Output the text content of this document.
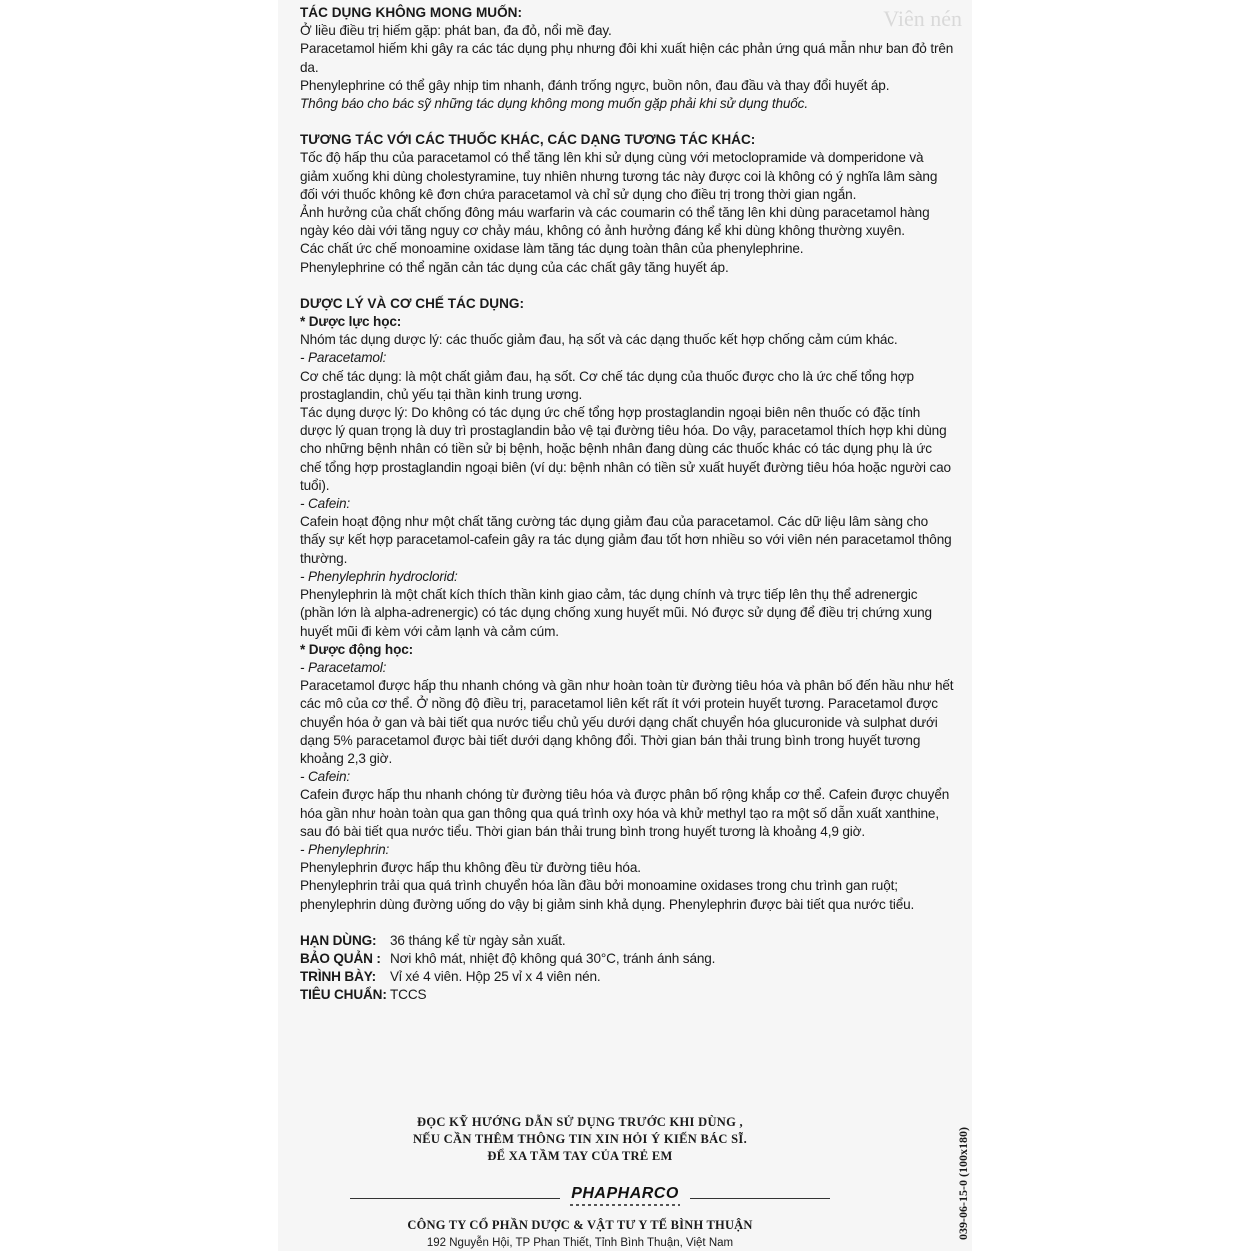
Viên nén

TÁC DỤNG KHÔNG MONG MUỐN:

Ở liều điều trị hiếm gặp: phát ban, đa đỏ, nổi mề đay.

Paracetamol hiếm khi gây ra các tác dụng phụ nhưng đôi khi xuất hiện các phản ứng quá mẫn như ban đỏ trên da.

Phenylephrine có thể gây nhịp tim nhanh, đánh trống ngực, buồn nôn, đau đầu và thay đổi huyết áp.

Thông báo cho bác sỹ những tác dụng không mong muốn gặp phải khi sử dụng thuốc.

TƯƠNG TÁC VỚI CÁC THUỐC KHÁC, CÁC DẠNG TƯƠNG TÁC KHÁC:

Tốc độ hấp thu của paracetamol có thể tăng lên khi sử dụng cùng với metoclopramide và domperidone và giảm xuống khi dùng cholestyramine, tuy nhiên nhưng tương tác này được coi là không có ý nghĩa lâm sàng đối với thuốc không kê đơn chứa paracetamol và chỉ sử dụng cho điều trị trong thời gian ngắn.

Ảnh hưởng của chất chống đông máu warfarin và các coumarin có thể tăng lên khi dùng paracetamol hàng ngày kéo dài với tăng nguy cơ chảy máu, không có ảnh hưởng đáng kể khi dùng không thường xuyên.

Các chất ức chế monoamine oxidase làm tăng tác dụng toàn thân của phenylephrine.

Phenylephrine có thể ngăn cản tác dụng của các chất gây tăng huyết áp.

DƯỢC LÝ VÀ CƠ CHẾ TÁC DỤNG:

* Dược lực học:

Nhóm tác dụng dược lý: các thuốc giảm đau, hạ sốt và các dạng thuốc kết hợp chống cảm cúm khác.

- Paracetamol:

Cơ chế tác dụng: là một chất giảm đau, hạ sốt. Cơ chế tác dụng của thuốc được cho là ức chế tổng hợp prostaglandin, chủ yếu tại thần kinh trung ương.

Tác dụng dược lý: Do không có tác dụng ức chế tổng hợp prostaglandin ngoại biên nên thuốc có đặc tính dược lý quan trọng là duy trì prostaglandin bảo vệ tại đường tiêu hóa. Do vậy, paracetamol thích hợp khi dùng cho những bệnh nhân có tiền sử bị bệnh, hoặc bệnh nhân đang dùng các thuốc khác có tác dụng phụ là ức chế tổng hợp prostaglandin ngoại biên (ví dụ: bệnh nhân có tiền sử xuất huyết đường tiêu hóa hoặc người cao tuổi).

- Cafein:

Cafein hoạt động như một chất tăng cường tác dụng giảm đau của paracetamol. Các dữ liệu lâm sàng cho thấy sự kết hợp paracetamol-cafein gây ra tác dụng giảm đau tốt hơn nhiều so với viên nén paracetamol thông thường.

- Phenylephrin hydroclorid:

Phenylephrin là một chất kích thích thần kinh giao cảm, tác dụng chính và trực tiếp lên thụ thể adrenergic (phần lớn là alpha-adrenergic) có tác dụng chống xung huyết mũi. Nó được sử dụng để điều trị chứng xung huyết mũi đi kèm với cảm lạnh và cảm cúm.

* Dược động học:

- Paracetamol:

Paracetamol được hấp thu nhanh chóng và gần như hoàn toàn từ đường tiêu hóa và phân bố đến hầu như hết các mô của cơ thể. Ở nồng độ điều trị, paracetamol liên kết rất ít với protein huyết tương. Paracetamol được chuyển hóa ở gan và bài tiết qua nước tiểu chủ yếu dưới dạng chất chuyển hóa glucuronide và sulphat dưới dạng 5% paracetamol được bài tiết dưới dạng không đổi. Thời gian bán thải trung bình trong huyết tương khoảng 2,3 giờ.

- Cafein:

Cafein được hấp thu nhanh chóng từ đường tiêu hóa và được phân bố rộng khắp cơ thể. Cafein được chuyển hóa gần như hoàn toàn qua gan thông qua quá trình oxy hóa và khử methyl tạo ra một số dẫn xuất xanthine, sau đó bài tiết qua nước tiểu. Thời gian bán thải trung bình trong huyết tương là khoảng 4,9 giờ.

- Phenylephrin:

Phenylephrin được hấp thu không đều từ đường tiêu hóa.

Phenylephrin trải qua quá trình chuyển hóa lần đầu bởi monoamine oxidases trong chu trình gan ruột; phenylephrin dùng đường uống do vậy bị giảm sinh khả dụng. Phenylephrin được bài tiết qua nước tiểu.

HẠN DÙNG: 36 tháng kể từ ngày sản xuất.
BẢO QUẢN : Nơi khô mát, nhiệt độ không quá 30°C, tránh ánh sáng.
TRÌNH BÀY:	Vỉ xé 4 viên. Hộp 25 vỉ x 4 viên nén.
TIÊU CHUẨN: TCCS
ĐỌC KỸ HƯỚNG DẪN SỬ DỤNG TRƯỚC KHI DÙNG ,
NẾU CẦN THÊM THÔNG TIN XIN HỎI Ý KIẾN BÁC SĨ.
ĐỂ XA TẦM TAY CỦA TRẺ EM
PHAPHARCO
CÔNG TY CỔ PHẦN DƯỢC & VẬT TƯ Y TẾ BÌNH THUẬN
192 Nguyễn Hội, TP Phan Thiết, Tỉnh Bình Thuận, Việt Nam
039-06-15-0 (100x180)
